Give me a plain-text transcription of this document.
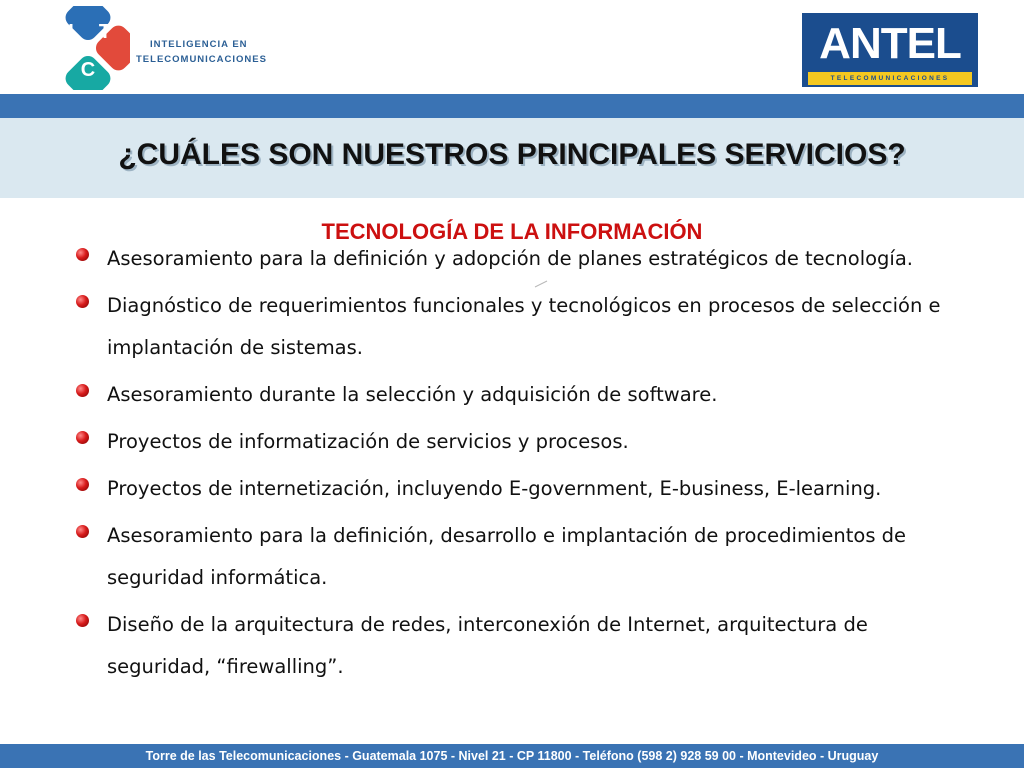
I T
C
INTELIGENCIA EN
TELECOMUNICACIONES	ANTEL
TELECOMUNICACIONES
¿CUÁLES SON NUESTROS PRINCIPALES SERVICIOS?
Asesoramiento para la definición y adopción de planes estratégicos de tecnología.
Diagnóstico de requerimientos funcionales y tecnológicos en procesos de selección e implantación de sistemas.
Asesoramiento durante la selección y adquisición de software.
Proyectos de informatización de servicios y procesos.
Proyectos de internetización, incluyendo E-government, E-business, E-learning.
Asesoramiento para la definición, desarrollo e implantación de procedimientos de seguridad informática.
Diseño de la arquitectura de redes, interconexión de Internet, arquitectura de seguridad, “firewalling”.
TECNOLOGÍA DE LA INFORMACIÓN
Torre de las Telecomunicaciones - Guatemala 1075 - Nivel 21 - CP 11800 - Teléfono (598 2) 928 59 00 - Montevideo - Uruguay
